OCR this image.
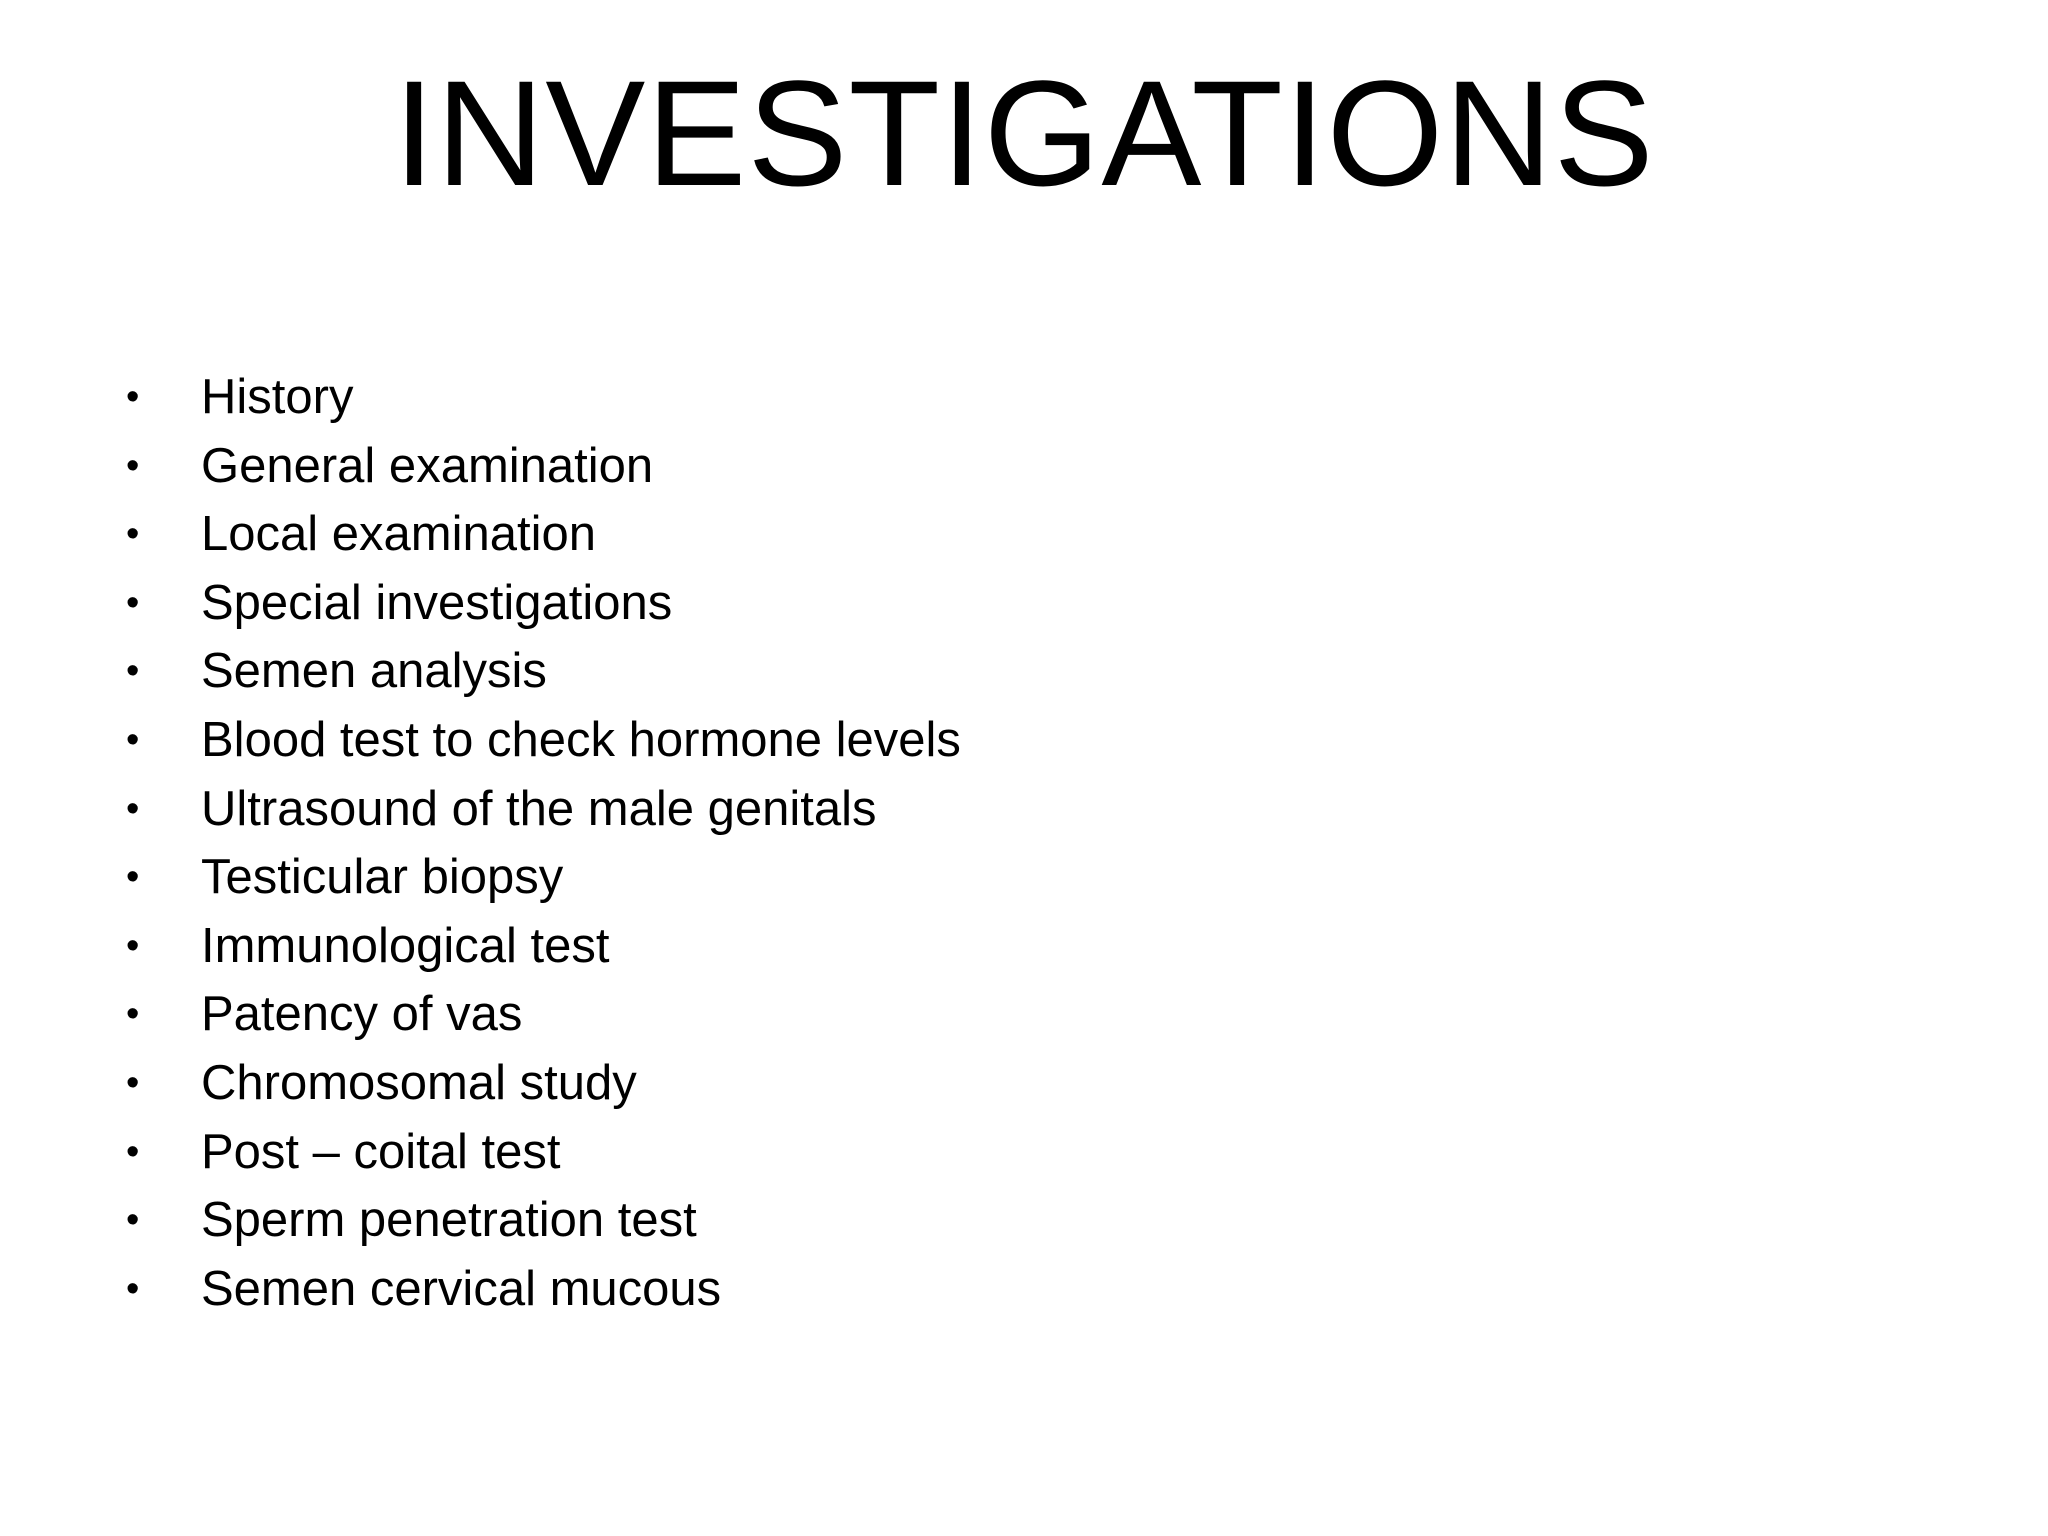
INVESTIGATIONS
•	History
•	General examination
•	Local examination
•	Special investigations
•	Semen analysis
•	Blood test to check hormone levels
•	Ultrasound of the male genitals
•	Testicular biopsy
•	Immunological test
•	Patency of vas
•	Chromosomal study
•	Post – coital test
•	Sperm penetration test
•	Semen cervical mucous
